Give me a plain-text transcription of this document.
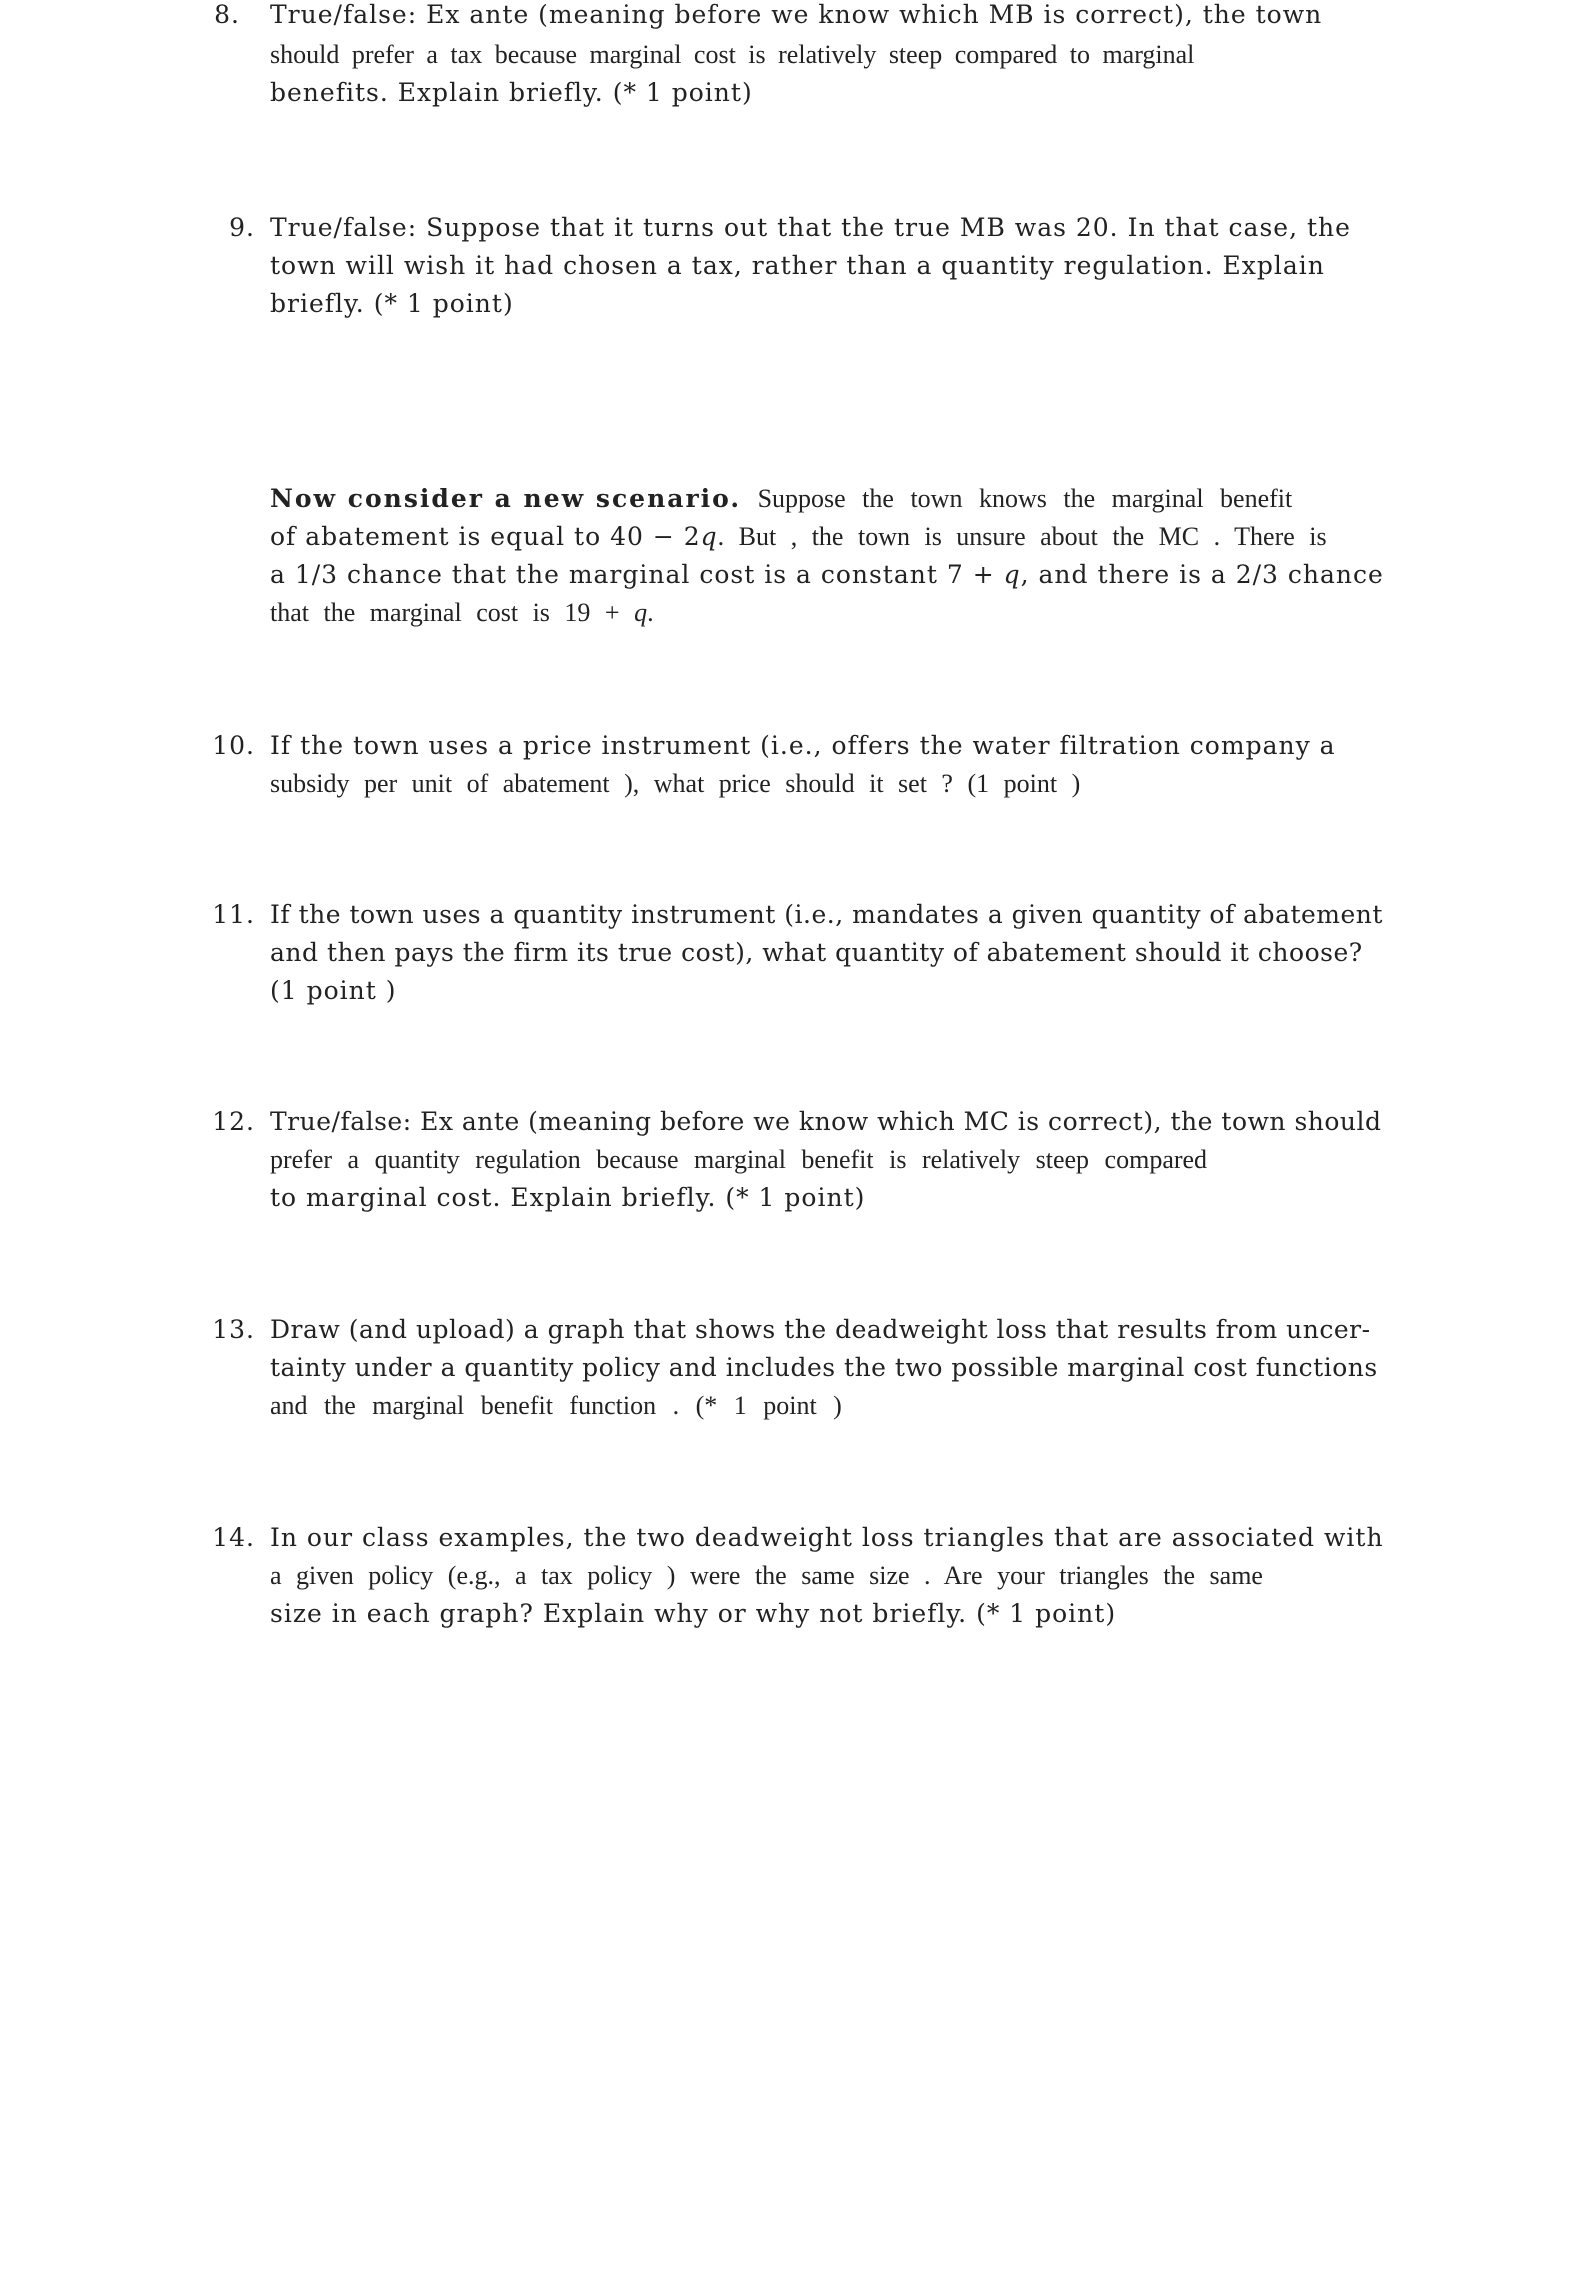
8. True/false: Ex ante (meaning before we know which MB is correct), the town
should prefer a tax because marginal cost is relatively steep compared to marginal
benefits. Explain briefly. (* 1 point)
9. True/false: Suppose that it turns out that the true MB was 20. In that case, the
town will wish it had chosen a tax, rather than a quantity regulation. Explain
briefly. (* 1 point)
Now consider a new scenario. Suppose the town knows the marginal benefit
of abatement is equal to 40 − 2q. But , the town is unsure about the MC . There is
a 1/3 chance that the marginal cost is a constant 7 + q, and there is a 2/3 chance
that the marginal cost is 19 + q.
10. If the town uses a price instrument (i.e., offers the water filtration company a
subsidy per unit of abatement ), what price should it set ? (1 point )
11. If the town uses a quantity instrument (i.e., mandates a given quantity of abatement
and then pays the firm its true cost), what quantity of abatement should it choose?
(1 point )
12. True/false: Ex ante (meaning before we know which MC is correct), the town should
prefer a quantity regulation because marginal benefit is relatively steep compared
to marginal cost. Explain briefly. (* 1 point)
13. Draw (and upload) a graph that shows the deadweight loss that results from uncer-
tainty under a quantity policy and includes the two possible marginal cost functions
and the marginal benefit function . (* 1 point )
14. In our class examples, the two deadweight loss triangles that are associated with
a given policy (e.g., a tax policy ) were the same size . Are your triangles the same
size in each graph? Explain why or why not briefly. (* 1 point)
